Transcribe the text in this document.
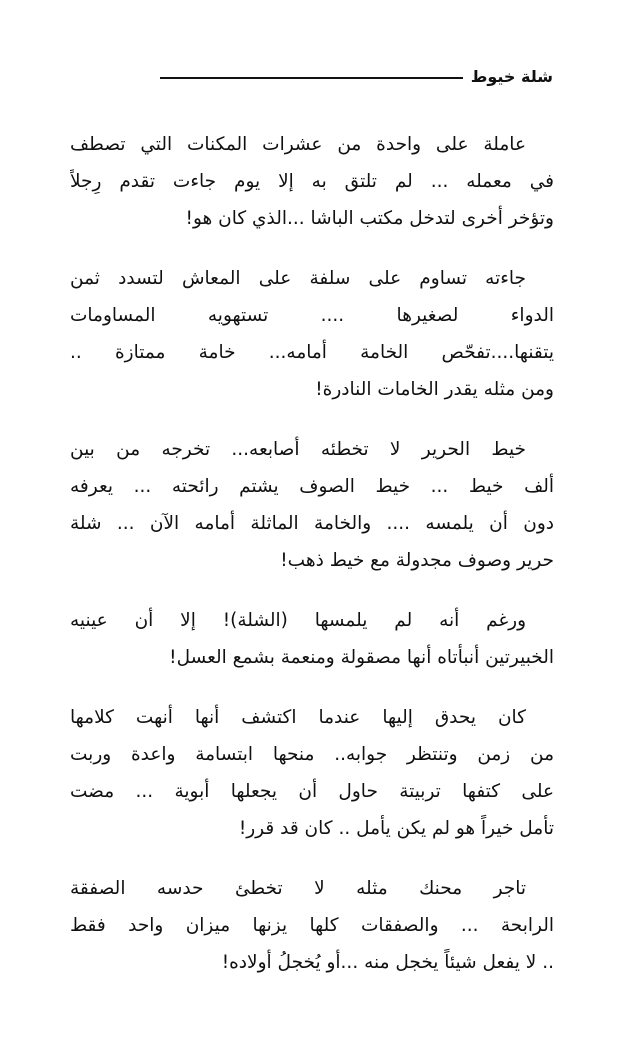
شلة خيوط
عاملة على واحدة من عشرات المكنات التي تصطف
في معمله ... لم تلتق به إلا يوم جاءت تقدم رِجلاً
وتؤخر أخرى لتدخل مكتب الباشا ...الذي كان هو!
جاءته تساوم على سلفة على المعاش لتسدد ثمن
الدواء لصغيرها .... تستهويه المساومات
يتقنها....تفحّص الخامة أمامه... خامة ممتازة ..
ومن مثله يقدر الخامات النادرة!
خيط الحرير لا تخطئه أصابعه... تخرجه من بين
ألف خيط ... خيط الصوف يشتم رائحته ... يعرفه
دون أن يلمسه .... والخامة الماثلة أمامه الآن ... شلة
حرير وصوف مجدولة مع خيط ذهب!
ورغم أنه لم يلمسها (الشلة)! إلا أن عينيه
الخبيرتين أنبأتاه أنها مصقولة ومنعمة بشمع العسل!
كان يحدق إليها عندما اكتشف أنها أنهت كلامها
من زمن وتنتظر جوابه.. منحها ابتسامة واعدة وربت
على كتفها تربيتة حاول أن يجعلها أبوية ... مضت
تأمل خيراً هو لم يكن يأمل .. كان قد قرر!
تاجر محنك مثله لا تخطئ حدسه الصفقة
الرابحة ... والصفقات كلها يزنها ميزان واحد فقط
.. لا يفعل شيئاً يخجل منه ...أو يُخجلُ أولاده!
